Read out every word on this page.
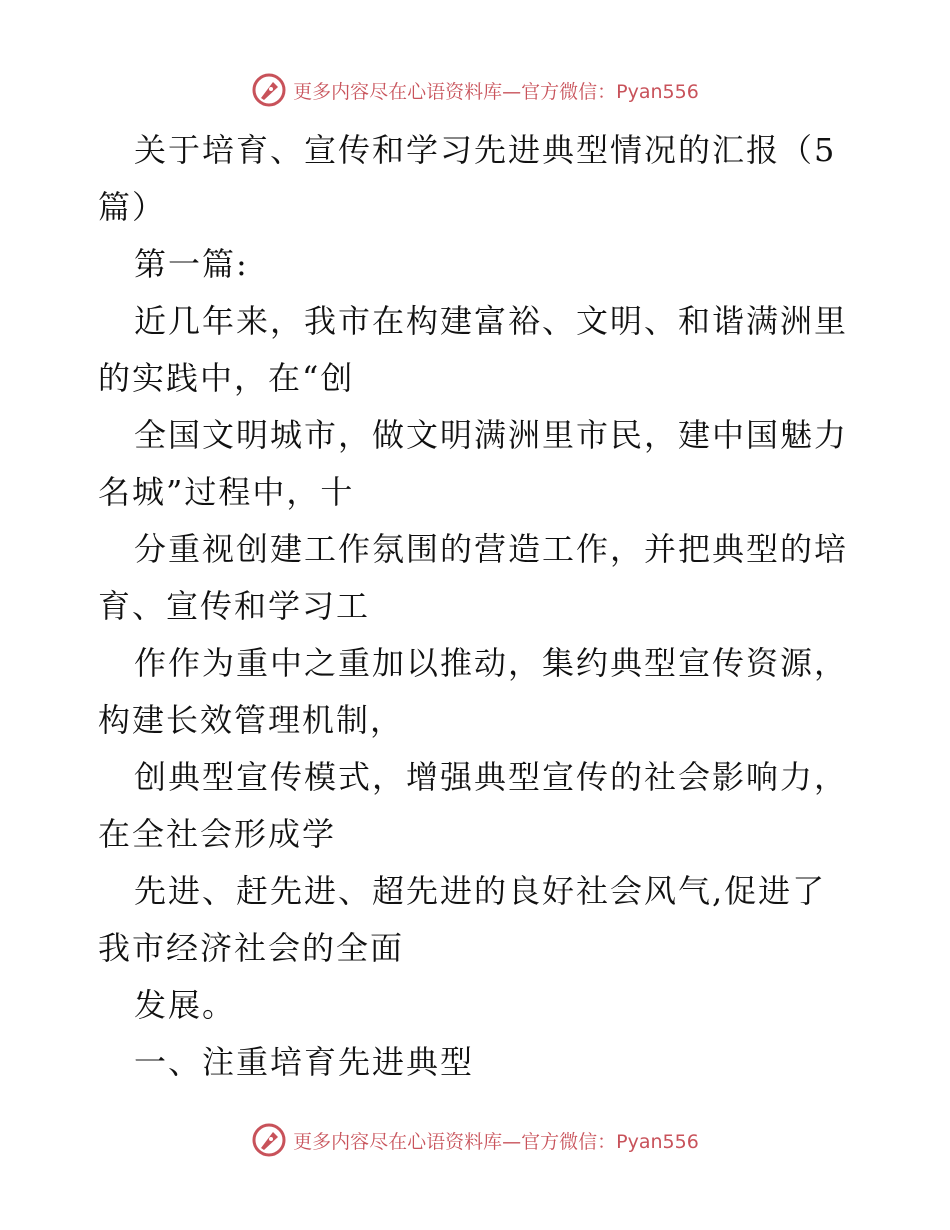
更多内容尽在心语资料库—官方微信：Pyan556
关于培育、宣传和学习先进典型情况的汇报（5
篇）
第一篇:
近几年来，我市在构建富裕、文明、和谐满洲里
的实践中，在“创
全国文明城市，做文明满洲里市民，建中国魅力
名城”过程中，十
分重视创建工作氛围的营造工作，并把典型的培
育、宣传和学习工
作作为重中之重加以推动，集约典型宣传资源，
构建长效管理机制，
创典型宣传模式，增强典型宣传的社会影响力，
在全社会形成学
先进、赶先进、超先进的良好社会风气,促进了
我市经济社会的全面
发展。
一、注重培育先进典型
更多内容尽在心语资料库—官方微信：Pyan556
